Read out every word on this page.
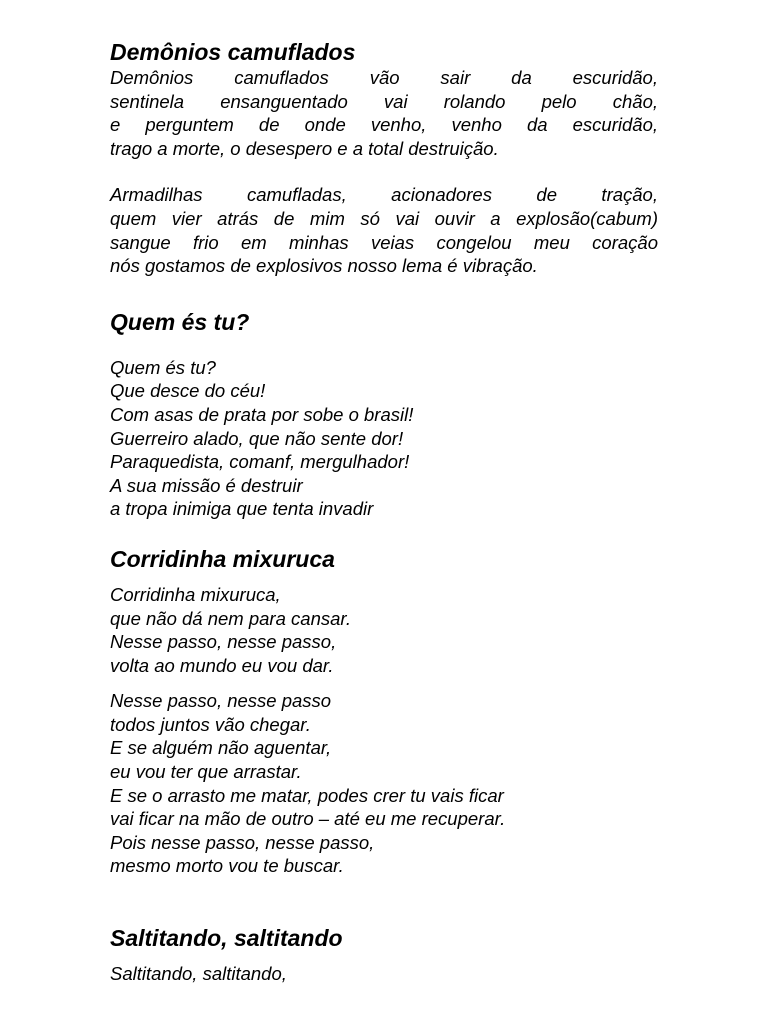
Demônios camuflados

Demônios camuflados vão sair da escuridão,
sentinela ensanguentado vai rolando pelo chão,
e perguntem de onde venho, venho da escuridão,
trago a morte, o desespero e a total destruição.

Armadilhas camufladas, acionadores de tração,
quem vier atrás de mim só vai ouvir a explosão(cabum)
sangue frio em minhas veias congelou meu coração
nós gostamos de explosivos nosso lema é vibração.

Quem és tu?

Quem és tu?
Que desce do céu!
Com asas de prata por sobe o brasil!
Guerreiro alado, que não sente dor!
Paraquedista, comanf, mergulhador!
A sua missão é destruir
a tropa inimiga que tenta invadir

Corridinha mixuruca

Corridinha mixuruca,
que não dá nem para cansar.
Nesse passo, nesse passo,
volta ao mundo eu vou dar.

Nesse passo, nesse passo
todos juntos vão chegar.
E se alguém não aguentar,
eu vou ter que arrastar.
E se o arrasto me matar, podes crer tu vais ficar
vai ficar na mão de outro – até eu me recuperar.
Pois nesse passo, nesse passo,
mesmo morto vou te buscar.

Saltitando, saltitando

Saltitando, saltitando,
